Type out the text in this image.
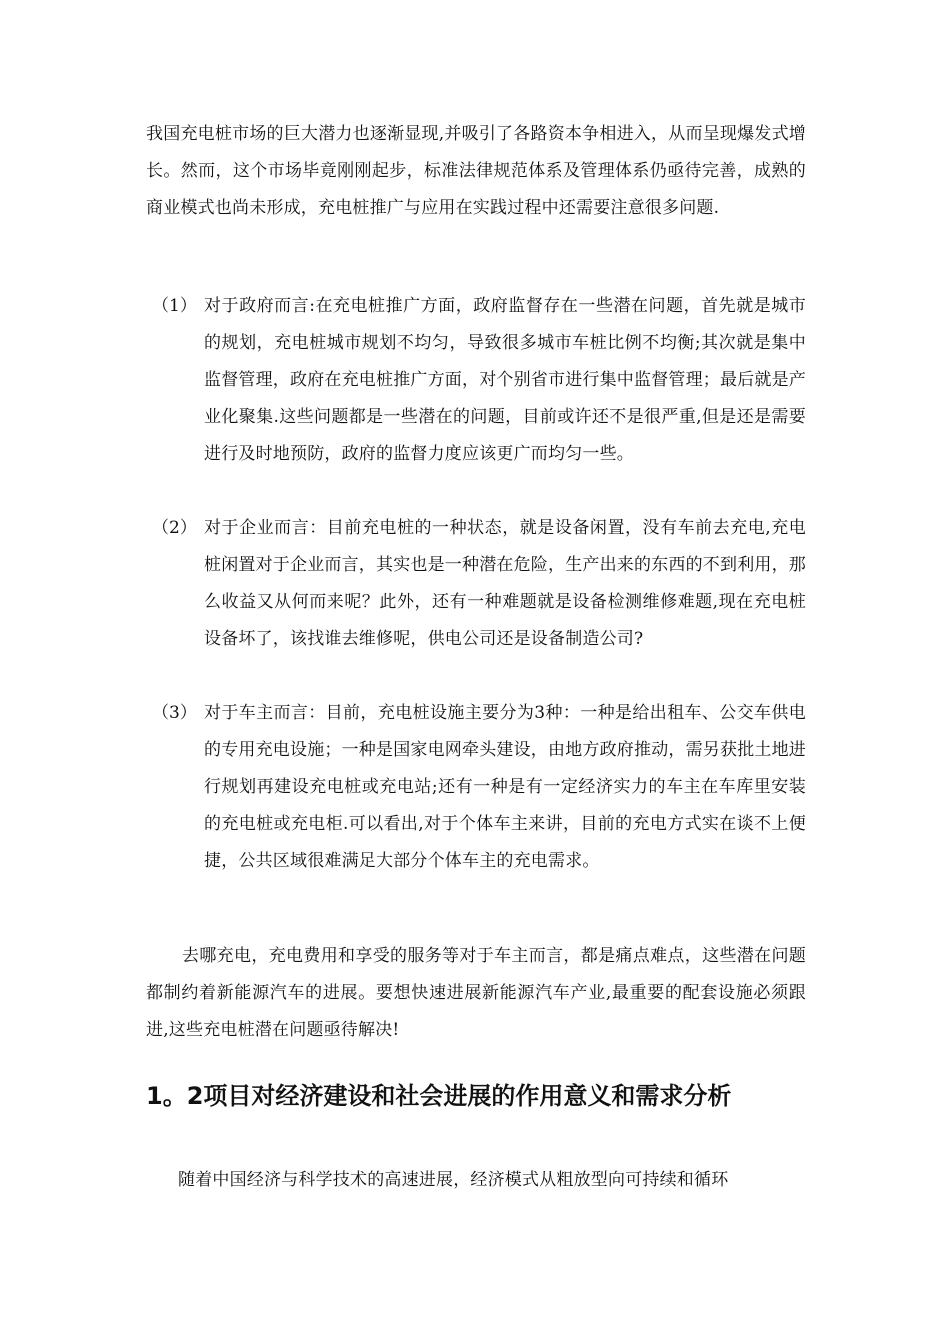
我国充电桩市场的巨大潜力也逐渐显现,并吸引了各路资本争相进入，从而呈现爆发式增长。然而，这个市场毕竟刚刚起步，标准法律规范体系及管理体系仍亟待完善，成熟的商业模式也尚未形成，充电桩推广与应用在实践过程中还需要注意很多问题.

（1） 对于政府而言:在充电桩推广方面，政府监督存在一些潜在问题，首先就是城市的规划，充电桩城市规划不均匀，导致很多城市车桩比例不均衡;其次就是集中监督管理，政府在充电桩推广方面，对个别省市进行集中监督管理；最后就是产业化聚集.这些问题都是一些潜在的问题，目前或许还不是很严重,但是还是需要进行及时地预防，政府的监督力度应该更广而均匀一些。
（2） 对于企业而言：目前充电桩的一种状态，就是设备闲置，没有车前去充电,充电桩闲置对于企业而言，其实也是一种潜在危险，生产出来的东西的不到利用，那么收益又从何而来呢？此外，还有一种难题就是设备检测维修难题,现在充电桩设备坏了，该找谁去维修呢，供电公司还是设备制造公司?
（3） 对于车主而言：目前，充电桩设施主要分为3种：一种是给出租车、公交车供电的专用充电设施；一种是国家电网牵头建设，由地方政府推动，需另获批土地进行规划再建设充电桩或充电站;还有一种是有一定经济实力的车主在车库里安装的充电桩或充电柜.可以看出,对于个体车主来讲，目前的充电方式实在谈不上便捷，公共区域很难满足大部分个体车主的充电需求。

去哪充电，充电费用和享受的服务等对于车主而言，都是痛点难点，这些潜在问题都制约着新能源汽车的进展。要想快速进展新能源汽车产业,最重要的配套设施必须跟进,这些充电桩潜在问题亟待解决!

1。2项目对经济建设和社会进展的作用意义和需求分析

随着中国经济与科学技术的高速进展，经济模式从粗放型向可持续和循环
